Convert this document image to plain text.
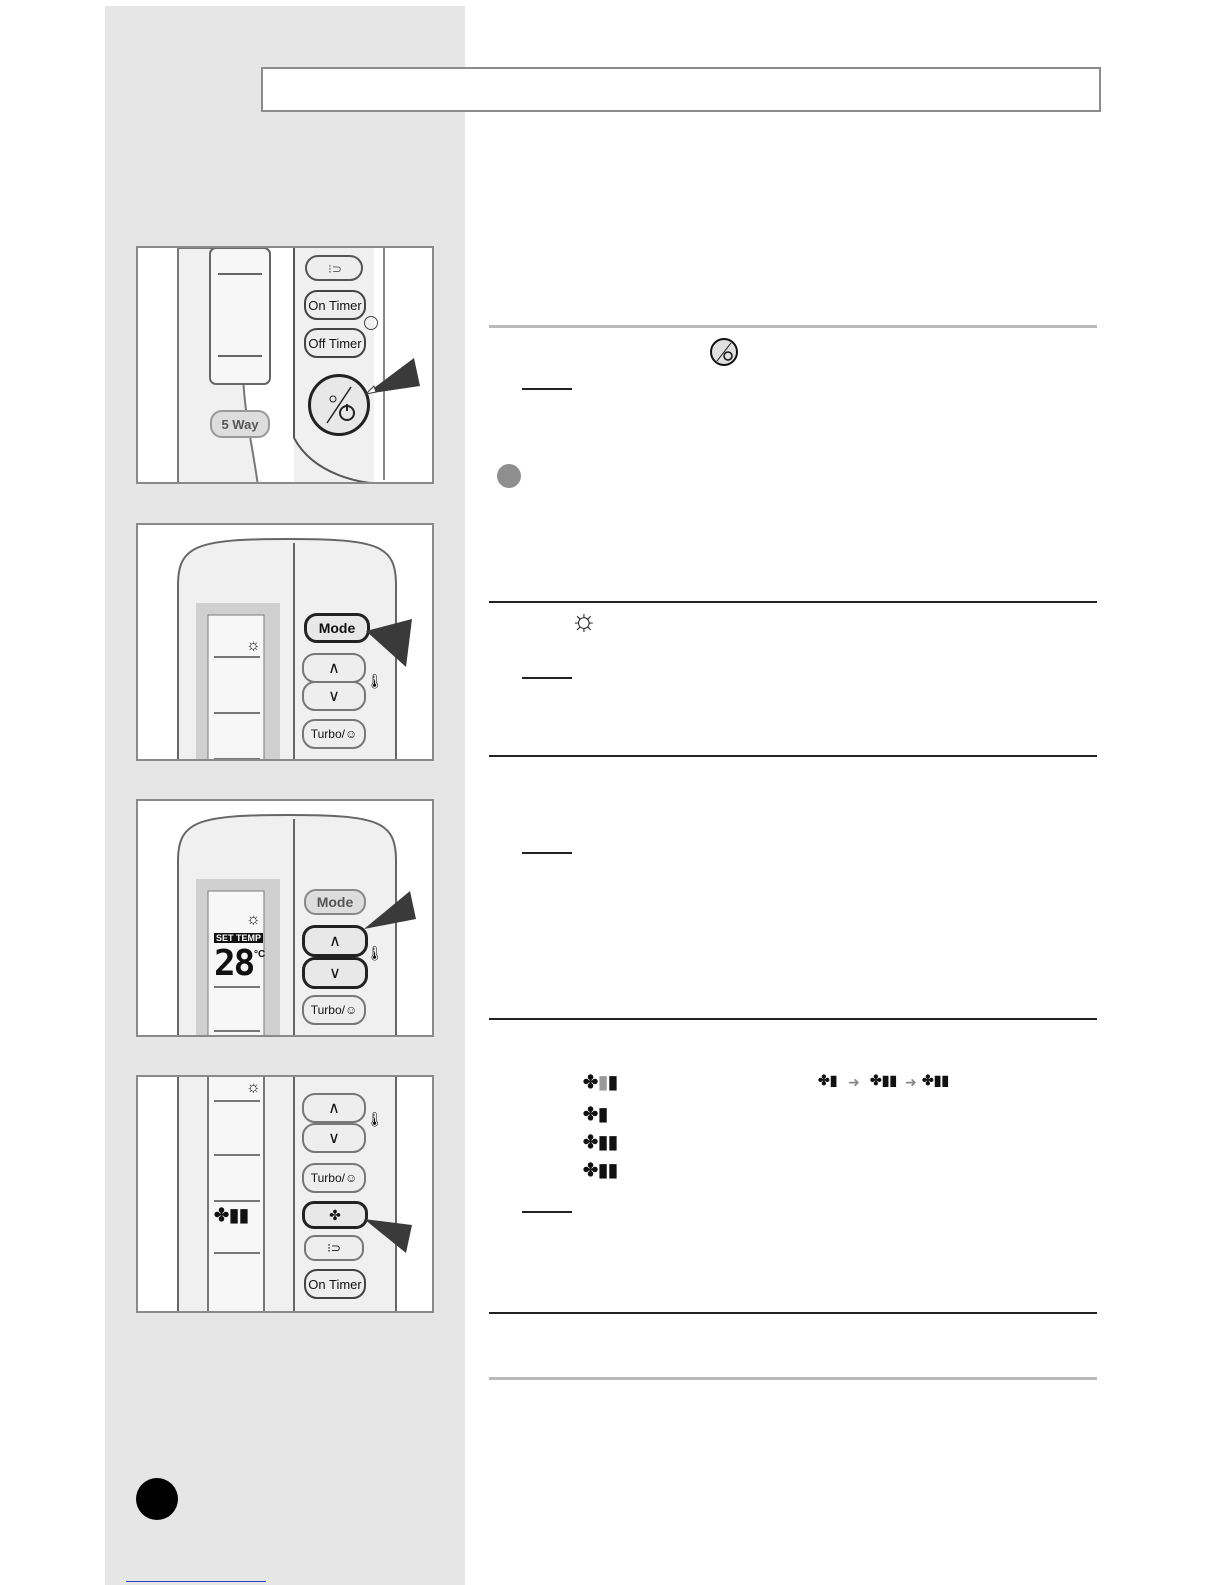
⁝⊃
On Timer
Off Timer
5 Way
☼
Mode
∧
∨
🌡
Turbo/ ☺
☼
SET TEMP
28 °C
Mode
∧
∨
🌡
Turbo/ ☺
☼
✤▮▮
∧
∨
🌡
Turbo/ ☺
✤
⁝⊃
On Timer
☼
✤▮▮	✤▮ ➜ ✤▮▮ ➜ ✤▮▮
✤▮
✤▮▮
✤▮▮
